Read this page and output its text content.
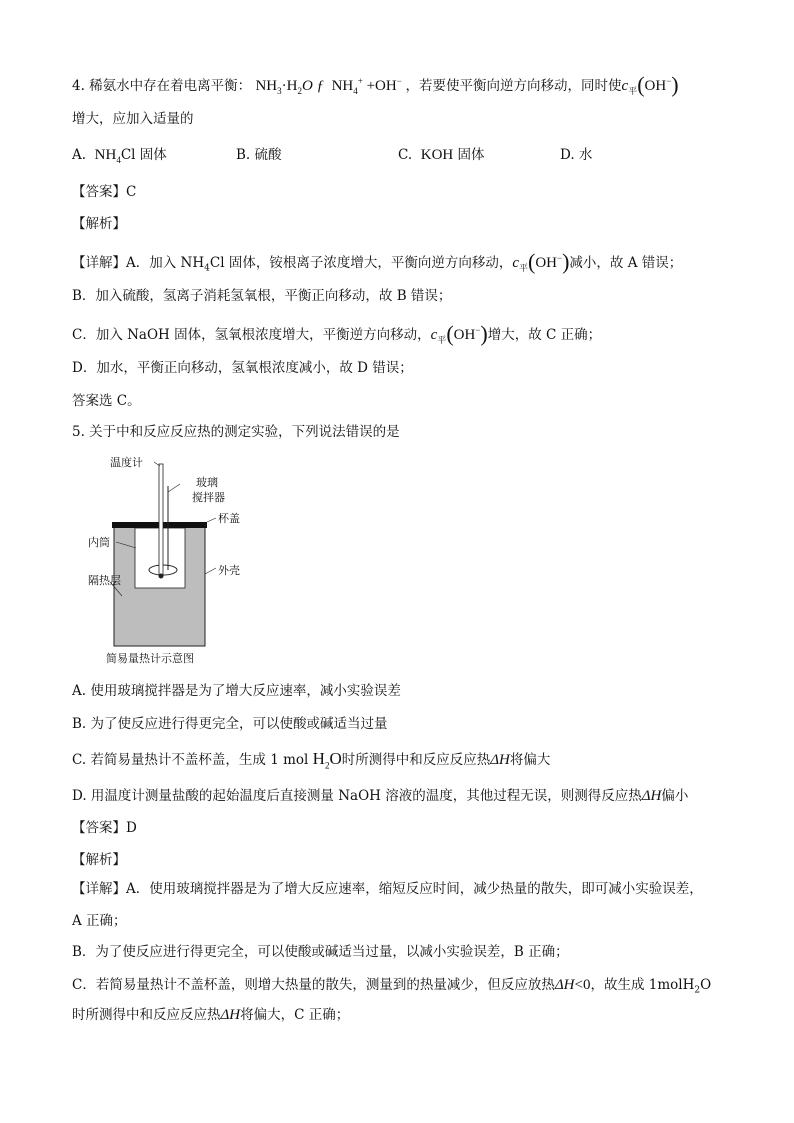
4. 稀氨水中存在着电离平衡： $NH_3\cdot H_2O$ ƒ $NH_4^+ +OH^-$ ，若要使平衡向逆方向移动，同时使$c_平(OH^-)$
增大，应加入适量的
A. $NH_4Cl$ 固体	B. 硫酸	C. KOH 固体	D. 水
【答案】C
【解析】
【详解】A．加入 $NH_4Cl$ 固体，铵根离子浓度增大，平衡向逆方向移动，$c_平(OH^-)$减小，故 A 错误；
B．加入硫酸，氢离子消耗氢氧根，平衡正向移动，故 B 错误；
C．加入 NaOH 固体，氢氧根浓度增大，平衡逆方向移动，$c_平(OH^-)$增大，故 C 正确；
D．加水，平衡正向移动，氢氧根浓度减小，故 D 错误；
答案选 C。
5. 关于中和反应反应热的测定实验，下列说法错误的是
温度计
玻璃
搅拌器
杯盖
内筒
外壳
隔热层
简易量热计示意图
A. 使用玻璃搅拌器是为了增大反应速率，减小实验误差
B. 为了使反应进行得更完全，可以使酸或碱适当过量
C. 若简易量热计不盖杯盖，生成 1 mol $H_2O$时所测得中和反应反应热ΔH将偏大
D. 用温度计测量盐酸的起始温度后直接测量 NaOH 溶液的温度，其他过程无误，则测得反应热ΔH偏小
【答案】D
【解析】
【详解】A．使用玻璃搅拌器是为了增大反应速率，缩短反应时间，减少热量的散失，即可减小实验误差，
A 正确；
B．为了使反应进行得更完全，可以使酸或碱适当过量，以减小实验误差，B 正确；
C．若简易量热计不盖杯盖，则增大热量的散失，测量到的热量减少，但反应放热ΔH<0，故生成 1molH$_2$O
时所测得中和反应反应热ΔH将偏大，C 正确；
